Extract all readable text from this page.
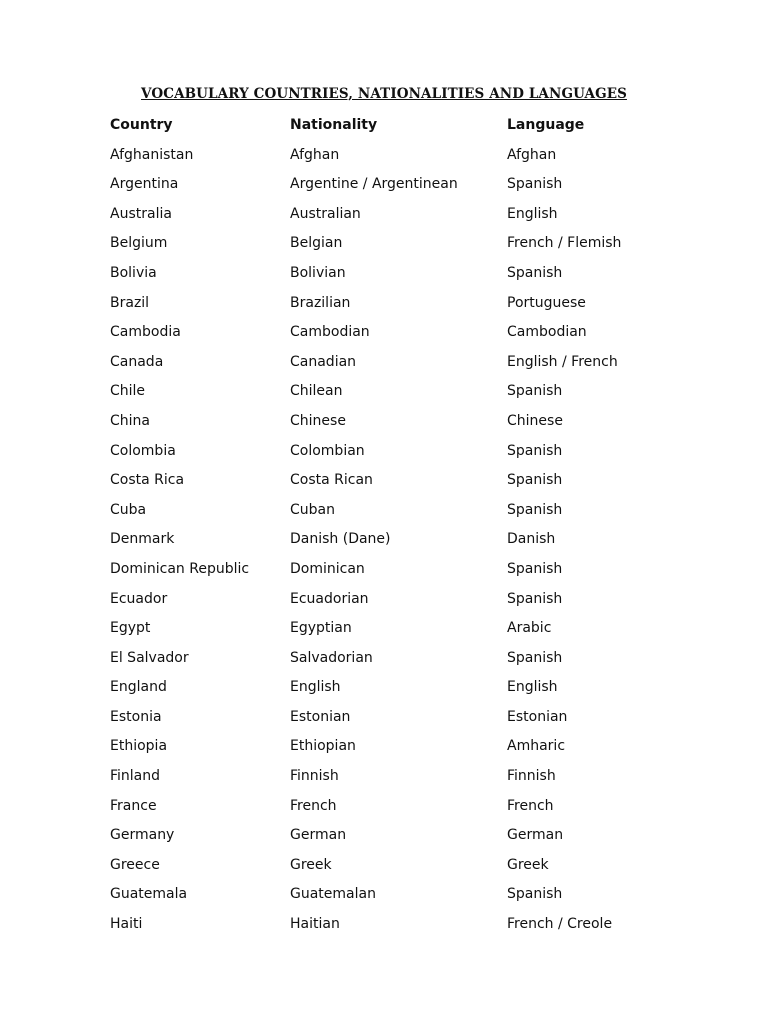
VOCABULARY COUNTRIES, NATIONALITIES AND LANGUAGES
Country	Nationality	Language
Afghanistan	Afghan	Afghan
Argentina	Argentine / Argentinean	Spanish
Australia	Australian	English
Belgium	Belgian	French / Flemish
Bolivia	Bolivian	Spanish
Brazil	Brazilian	Portuguese
Cambodia	Cambodian	Cambodian
Canada	Canadian	English / French
Chile	Chilean	Spanish
China	Chinese	Chinese
Colombia	Colombian	Spanish
Costa Rica	Costa Rican	Spanish
Cuba	Cuban	Spanish
Denmark	Danish (Dane)	Danish
Dominican Republic	Dominican	Spanish
Ecuador	Ecuadorian	Spanish
Egypt	Egyptian	Arabic
El Salvador	Salvadorian	Spanish
England	English	English
Estonia	Estonian	Estonian
Ethiopia	Ethiopian	Amharic
Finland	Finnish	Finnish
France	French	French
Germany	German	German
Greece	Greek	Greek
Guatemala	Guatemalan	Spanish
Haiti	Haitian	French / Creole
